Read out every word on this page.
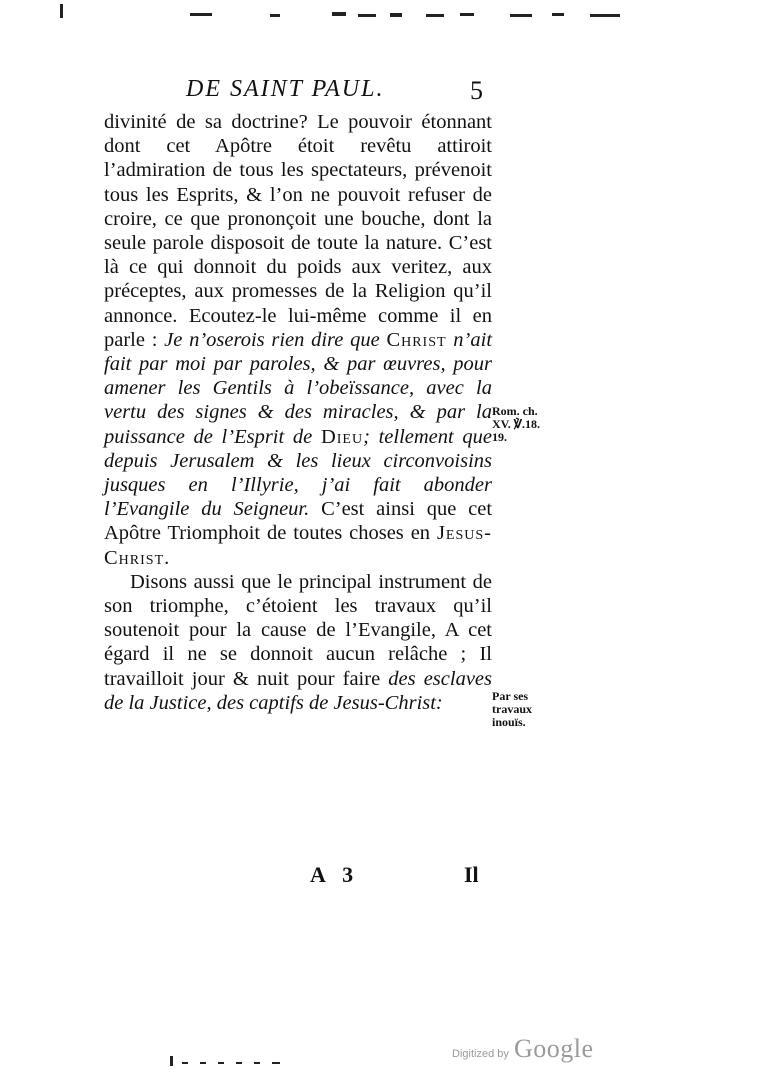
DE SAINT PAUL.	5

divinité de sa doctrine? Le pouvoir étonnant dont cet Apôtre étoit revêtu attiroit l’admiration de tous les spectateurs, prévenoit tous les Esprits, & l’on ne pouvoit refuser de croire, ce que prononçoit une bouche, dont la seule parole disposoit de toute la nature. C’est là ce qui donnoit du poids aux veritez, aux préceptes, aux promesses de la Religion qu’il annonce. Ecoutez-le lui-même comme il en parle : Je n’oserois rien dire que Christ n’ait fait par moi par paroles, & par œuvres, pour amener les Gentils à l’obeïssance, avec la vertu des signes & des miracles, & par la puissance de l’Esprit de Dieu; tellement que depuis Jerusalem & les lieux circonvoisins jusques en l’Illyrie, j’ai fait abonder l’Evangile du Seigneur. C’est ainsi que cet Apôtre Triomphoit de toutes choses en Jesus-Christ.

Disons aussi que le principal instrument de son triomphe, c’étoient les travaux qu’il soutenoit pour la cause de l’Evangile, A cet égard il ne se donnoit aucun relâche ; Il travailloit jour & nuit pour faire des esclaves de la Justice, des captifs de Jesus-Christ:

Rom. ch.
XV. ℣.18.
19.
Par ses
travaux
inouïs.
A 3	Il
Digitized by Google
